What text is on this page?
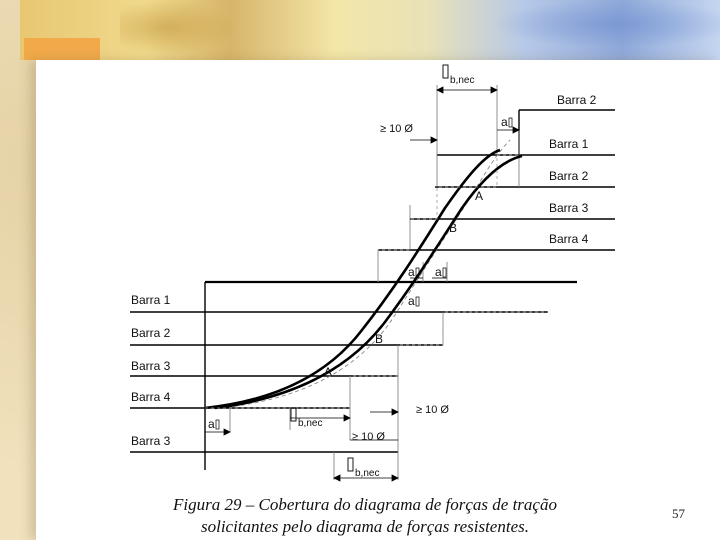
Barra 2
Barra 1
Barra 2
Barra 3
Barra 4
Barra 1
Barra 2
Barra 3
Barra 4
Barra 3
b,nec
b,nec
b,nec
a
a a
a
a
≥ 10 Ø
≥ 10 Ø
≥ 10 Ø
A
B
B
A
Figura 29 – Cobertura do diagrama de forças de tração
solicitantes pelo diagrama de forças resistentes.
57
